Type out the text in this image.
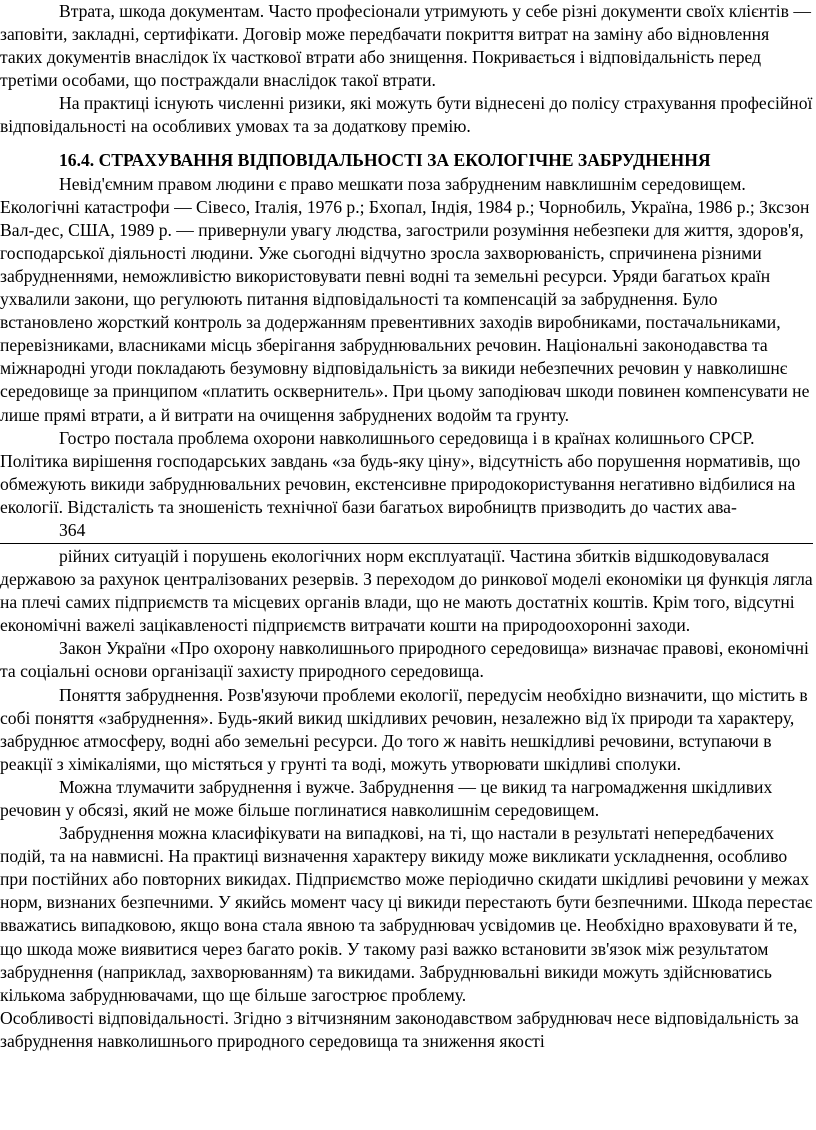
Втрата, шкода документам. Часто професіонали утримують у себе різні документи своїх клієнтів — заповіти, закладні, сертифікати. Договір може передбачати покриття витрат на заміну або відновлення таких документів внаслідок їх часткової втрати або знищення. Покривається і відповідальність перед третіми особами, що постраждали внаслідок такої втрати.

На практиці існують численні ризики, які можуть бути віднесені до полісу страхування професійної відповідальності на особливих умовах та за додаткову премію.

16.4. СТРАХУВАННЯ ВІДПОВІДАЛЬНОСТІ ЗА ЕКОЛОГІЧНЕ ЗАБРУДНЕННЯ

Невід'ємним правом людини є право мешкати поза забрудненим навклишнім середовищем. Екологічні катастрофи — Сівесо, Італія, 1976 р.; Бхопал, Індія, 1984 р.; Чорнобиль, Україна, 1986 р.; Зксзон Вал-дес, США, 1989 р. — привернули увагу людства, загострили розуміння небезпеки для життя, здоров'я, господарської діяльності людини. Уже сьогодні відчутно зросла захворюваність, спричинена різними забрудненнями, неможливістю використовувати певні водні та земельні ресурси. Уряди багатьох країн ухвалили закони, що регулюють питання відповідальності та компенсацій за забруднення. Було встановлено жорсткий контроль за додержанням превентивних заходів виробниками, постачальниками, перевізниками, власниками місць зберігання забруднювальних речовин. Національні законодавства та міжнародні угоди покладають безумовну відповідальність за викиди небезпечних речовин у навколишнє середовище за принципом «платить осквернитель». При цьому заподіювач шкоди повинен компенсувати не лише прямі втрати, а й витрати на очищення забруднених водойм та грунту.

Гостро постала проблема охорони навколишнього середовища і в країнах колишнього СРСР. Політика вирішення господарських завдань «за будь-яку ціну», відсутність або порушення нормативів, що обмежують викиди забруднювальних речовин, екстенсивне природокористування негативно відбилися на екології. Відсталість та зношеність технічної бази багатьох виробництв призводить до частих ава-

364

рійних ситуацій і порушень екологічних норм експлуатації. Частина збитків відшкодовувалася державою за рахунок централізованих резервів. З переходом до ринкової моделі економіки ця функція лягла на плечі самих підприємств та місцевих органів влади, що не мають достатніх коштів. Крім того, відсутні економічні важелі зацікавленості підприємств витрачати кошти на природоохоронні заходи.

Закон України «Про охорону навколишнього природного середовища» визначає правові, економічні та соціальні основи організації захисту природного середовища.

Поняття забруднення. Розв'язуючи проблеми екології, передусім необхідно визначити, що містить в собі поняття «забруднення». Будь-який викид шкідливих речовин, незалежно від їх природи та характеру, забруднює атмосферу, водні або земельні ресурси. До того ж навіть нешкідливі речовини, вступаючи в реакції з хімікаліями, що містяться у грунті та воді, можуть утворювати шкідливі сполуки.

Можна тлумачити забруднення і вужче. Забруднення — це викид та нагромадження шкідливих речовин у обсязі, який не може більше поглинатися навколишнім середовищем.

Забруднення можна класифікувати на випадкові, на ті, що настали в результаті непередбачених подій, та на навмисні. На практиці визначення характеру викиду може викликати ускладнення, особливо при постійних або повторних викидах. Підприємство може періодично скидати шкідливі речовини у межах норм, визнаних безпечними. У якийсь момент часу ці викиди перестають бути безпечними. Шкода перестає вважатись випадковою, якщо вона стала явною та забруднювач усвідомив це. Необхідно враховувати й те, що шкода може виявитися через багато років. У такому разі важко встановити зв'язок між результатом забруднення (наприклад, захворюванням) та викидами. Забруднювальні викиди можуть здійснюватись кількома забруднювачами, що ще більше загострює проблему.

Особливості відповідальності. Згідно з вітчизняним законодавством забруднювач несе відповідальність за забруднення навколишнього природного середовища та зниження якості
